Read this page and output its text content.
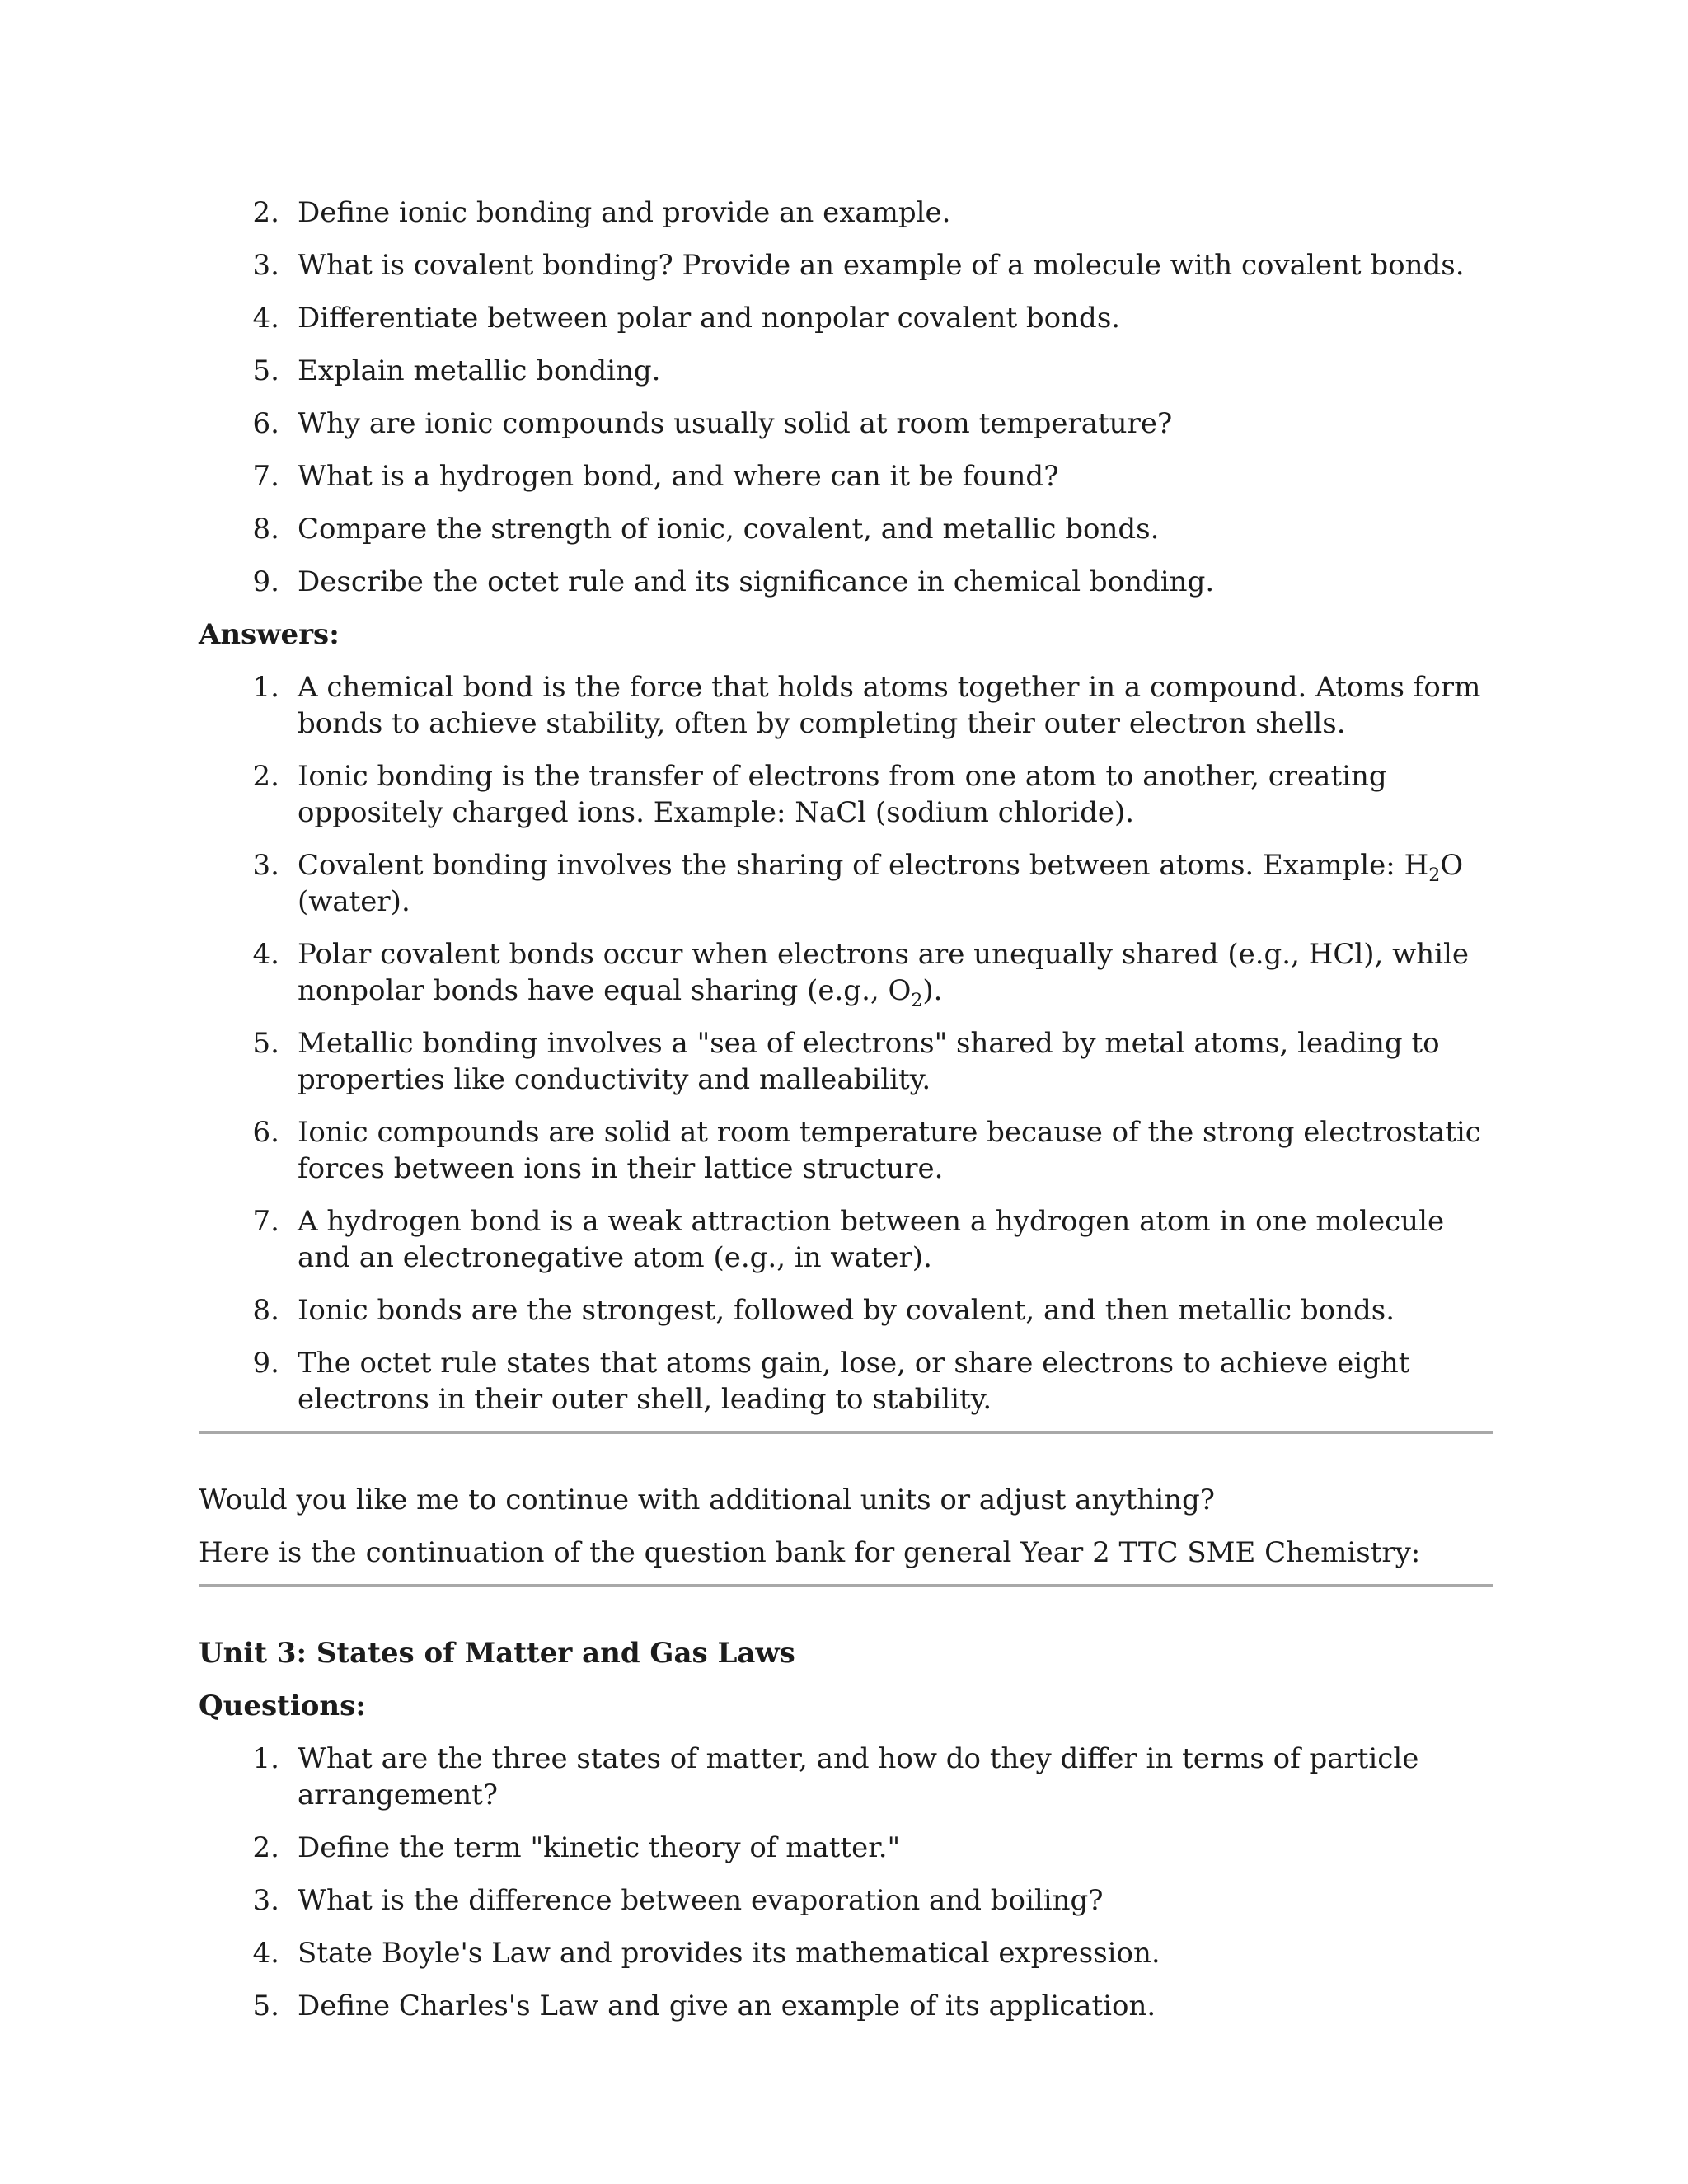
2. Define ionic bonding and provide an example.
3. What is covalent bonding? Provide an example of a molecule with covalent bonds.
4. Differentiate between polar and nonpolar covalent bonds.
5. Explain metallic bonding.
6. Why are ionic compounds usually solid at room temperature?
7. What is a hydrogen bond, and where can it be found?
8. Compare the strength of ionic, covalent, and metallic bonds.
9. Describe the octet rule and its significance in chemical bonding.
Answers:
1. A chemical bond is the force that holds atoms together in a compound. Atoms form bonds to achieve stability, often by completing their outer electron shells.
2. Ionic bonding is the transfer of electrons from one atom to another, creating oppositely charged ions. Example: NaCl (sodium chloride).
3. Covalent bonding involves the sharing of electrons between atoms. Example: $H_2O$ (water).
4. Polar covalent bonds occur when electrons are unequally shared (e.g., HCl), while nonpolar bonds have equal sharing (e.g., $O_2$).
5. Metallic bonding involves a "sea of electrons" shared by metal atoms, leading to properties like conductivity and malleability.
6. Ionic compounds are solid at room temperature because of the strong electrostatic forces between ions in their lattice structure.
7. A hydrogen bond is a weak attraction between a hydrogen atom in one molecule and an electronegative atom (e.g., in water).
8. Ionic bonds are the strongest, followed by covalent, and then metallic bonds.
9. The octet rule states that atoms gain, lose, or share electrons to achieve eight electrons in their outer shell, leading to stability.
Would you like me to continue with additional units or adjust anything?
Here is the continuation of the question bank for general Year 2 TTC SME Chemistry:
Unit 3: States of Matter and Gas Laws
Questions:
1. What are the three states of matter, and how do they differ in terms of particle arrangement?
2. Define the term "kinetic theory of matter."
3. What is the difference between evaporation and boiling?
4. State Boyle's Law and provides its mathematical expression.
5. Define Charles's Law and give an example of its application.
